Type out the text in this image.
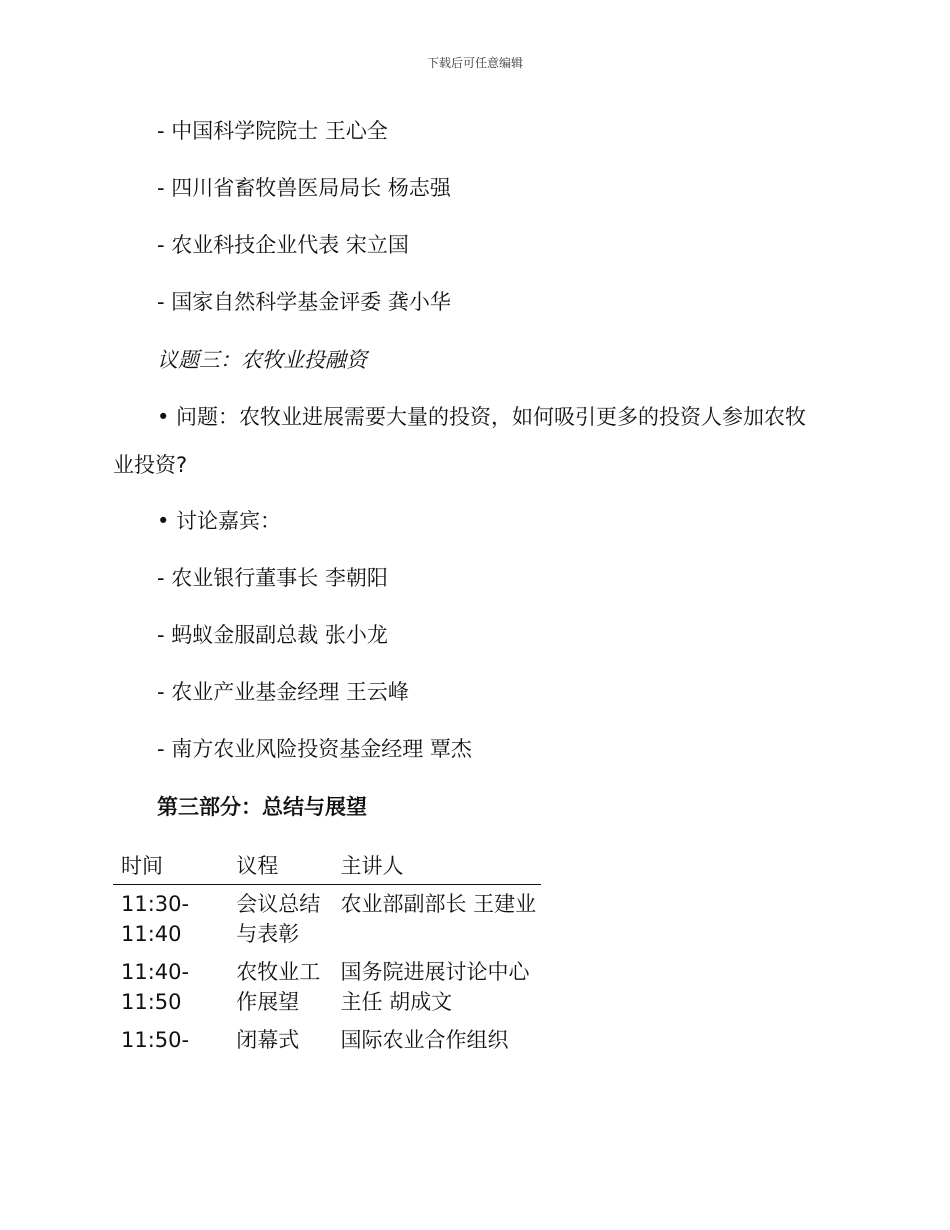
下载后可任意编辑
- 中国科学院院士 王心全
- 四川省畜牧兽医局局长 杨志强
- 农业科技企业代表 宋立国
- 国家自然科学基金评委 龚小华
议题三：农牧业投融资
• 问题：农牧业进展需要大量的投资，如何吸引更多的投资人参加农牧
业投资?
• 讨论嘉宾：
- 农业银行董事长 李朝阳
- 蚂蚁金服副总裁 张小龙
- 农业产业基金经理 王云峰
- 南方农业风险投资基金经理 覃杰
第三部分：总结与展望
时间	议程	主讲人
11:30-11:40	会议总结与表彰	农业部副部长 王建业
11:40-11:50	农牧业工作展望	国务院进展讨论中心主任 胡成文
11:50-	闭幕式	国际农业合作组织
